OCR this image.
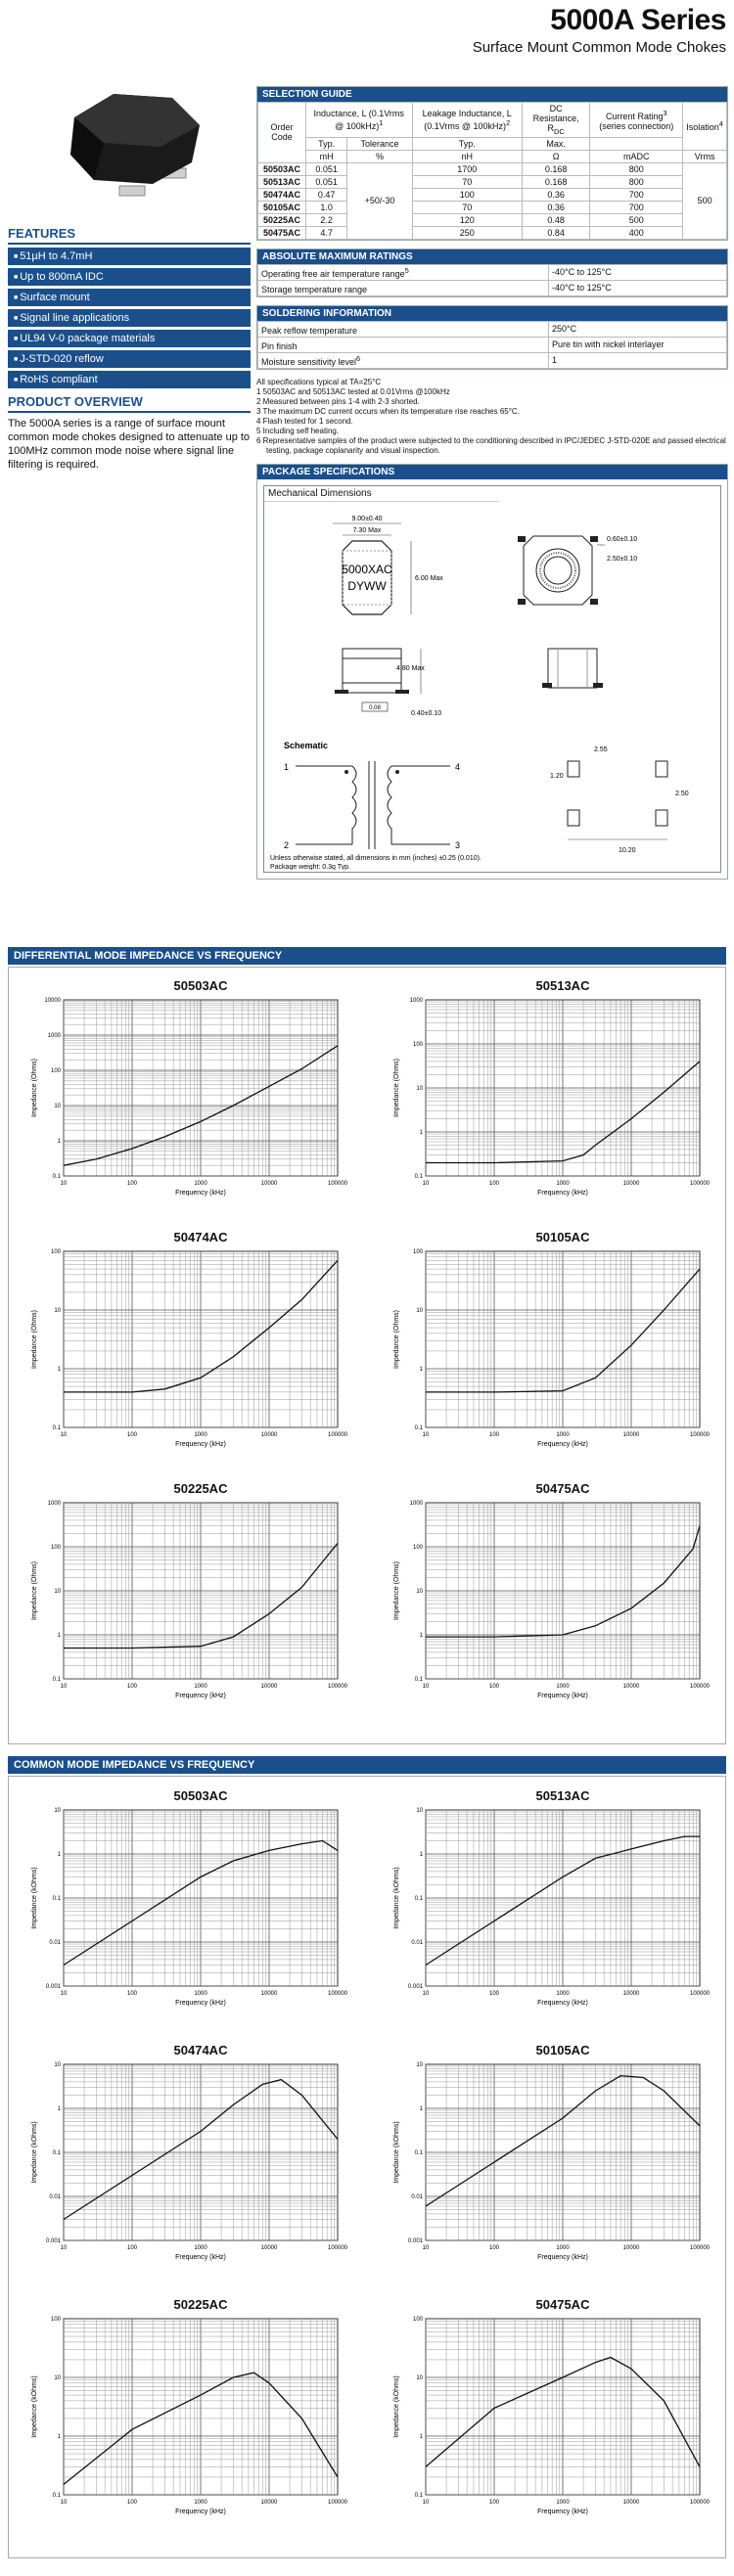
5000A Series
Surface Mount Common Mode Chokes
FEATURES
■ 51µH to 4.7mH
■ Up to 800mA IDC
■ Surface mount
■ Signal line applications
■ UL94 V-0 package materials
■ J-STD-020 reflow
■ RoHS compliant
PRODUCT OVERVIEW

The 5000A series is a range of surface mount common mode chokes designed to attenuate up to 100MHz common mode noise where signal line filtering is required.

SELECTION GUIDE
Order Code	Inductance, L (0.1Vrms @ 100kHz)$^1$		Leakage Inductance, L (0.1Vrms @ 100kHz)$^2$	DC Resistance, $R_{DC}$	Current Rating$^3$ (series connection)	Isolation$^4$
	Typ.	Tolerance	Typ.	Max.		
	mH	%	nH	Ω	mADC	Vrms
50503AC	0.051	+50/-30	1700	0.168	800	500
50513AC	0.051		70	0.168	800	
50474AC	0.47		100	0.36	700	
50105AC	1.0		70	0.36	700	
50225AC	2.2		120	0.48	500	
50475AC	4.7		250	0.84	400	
ABSOLUTE MAXIMUM RATINGS
Operating free air temperature range$^5$	-40°C to 125°C
Storage temperature range	-40°C to 125°C
SOLDERING INFORMATION
Peak reflow temperature	250°C
Pin finish	Pure tin with nickel interlayer
Moisture sensitivity level$^6$	1
All specifications typical at TA=25°C
1 50503AC and 50513AC tested at 0.01Vrms @100kHz
2 Measured between pins 1-4 with 2-3 shorted.
3 The maximum DC current occurs when its temperature rise reaches 65°C.
4 Flash tested for 1 second.
5 Including self heating.
6 Representative samples of the product were subjected to the conditioning described in IPC/JEDEC J-STD-020E and passed electrical testing, package coplanarity and visual inspection.
PACKAGE SPECIFICATIONS
Mechanical Dimensions
5000XAC
DYWW
9.00±0.40
7.30 Max
6.00 Max
0.60±0.10
2.50±0.10
4.80 Max
0.40±0.10
0.08
Schematic
1
2
4
3
2.55
1.20
2.50
10.20
Unless otherwise stated, all dimensions in mm (inches) ±0.25 (0.010).
Package weight: 0.3g Typ.
DIFFERENTIAL MODE IMPEDANCE VS FREQUENCY
COMMON MODE IMPEDANCE VS FREQUENCY
50503AC
10	100	1000	10000	100000
0.1
1
10
100
1000
10000
Frequency (kHz)
Impedance (Ohms)
50513AC
10	100	1000	10000	100000
0.1
1
10
100
1000
Frequency (kHz)
Impedance (Ohms)
50474AC
10	100	1000	10000	100000
0.1
1
10
100
Frequency (kHz)
Impedance (Ohms)
50105AC
10	100	1000	10000	100000
0.1
1
10
100
Frequency (kHz)
Impedance (Ohms)
50225AC
10	100	1000	10000	100000
0.1
1
10
100
1000
Frequency (kHz)
Impedance (Ohms)
50475AC
10	100	1000	10000	100000
0.1
1
10
100
1000
Frequency (kHz)
Impedance (Ohms)
50503AC
10	100	1000	10000	100000
0.001
0.01
0.1
1
10
Frequency (kHz)
Impedance (kOhms)
50513AC
10	100	1000	10000	100000
0.001
0.01
0.1
1
10
Frequency (kHz)
Impedance (kOhms)
50474AC
10	100	1000	10000	100000
0.001
0.01
0.1
1
10
Frequency (kHz)
Impedance (kOhms)
50105AC
10	100	1000	10000	100000
0.001
0.01
0.1
1
10
Frequency (kHz)
Impedance (kOhms)
50225AC
10	100	1000	10000	100000
0.1
1
10
100
Frequency (kHz)
Impedance (kOhms)
50475AC
10	100	1000	10000	100000
0.1
1
10
100
Frequency (kHz)
Impedance (kOhms)
